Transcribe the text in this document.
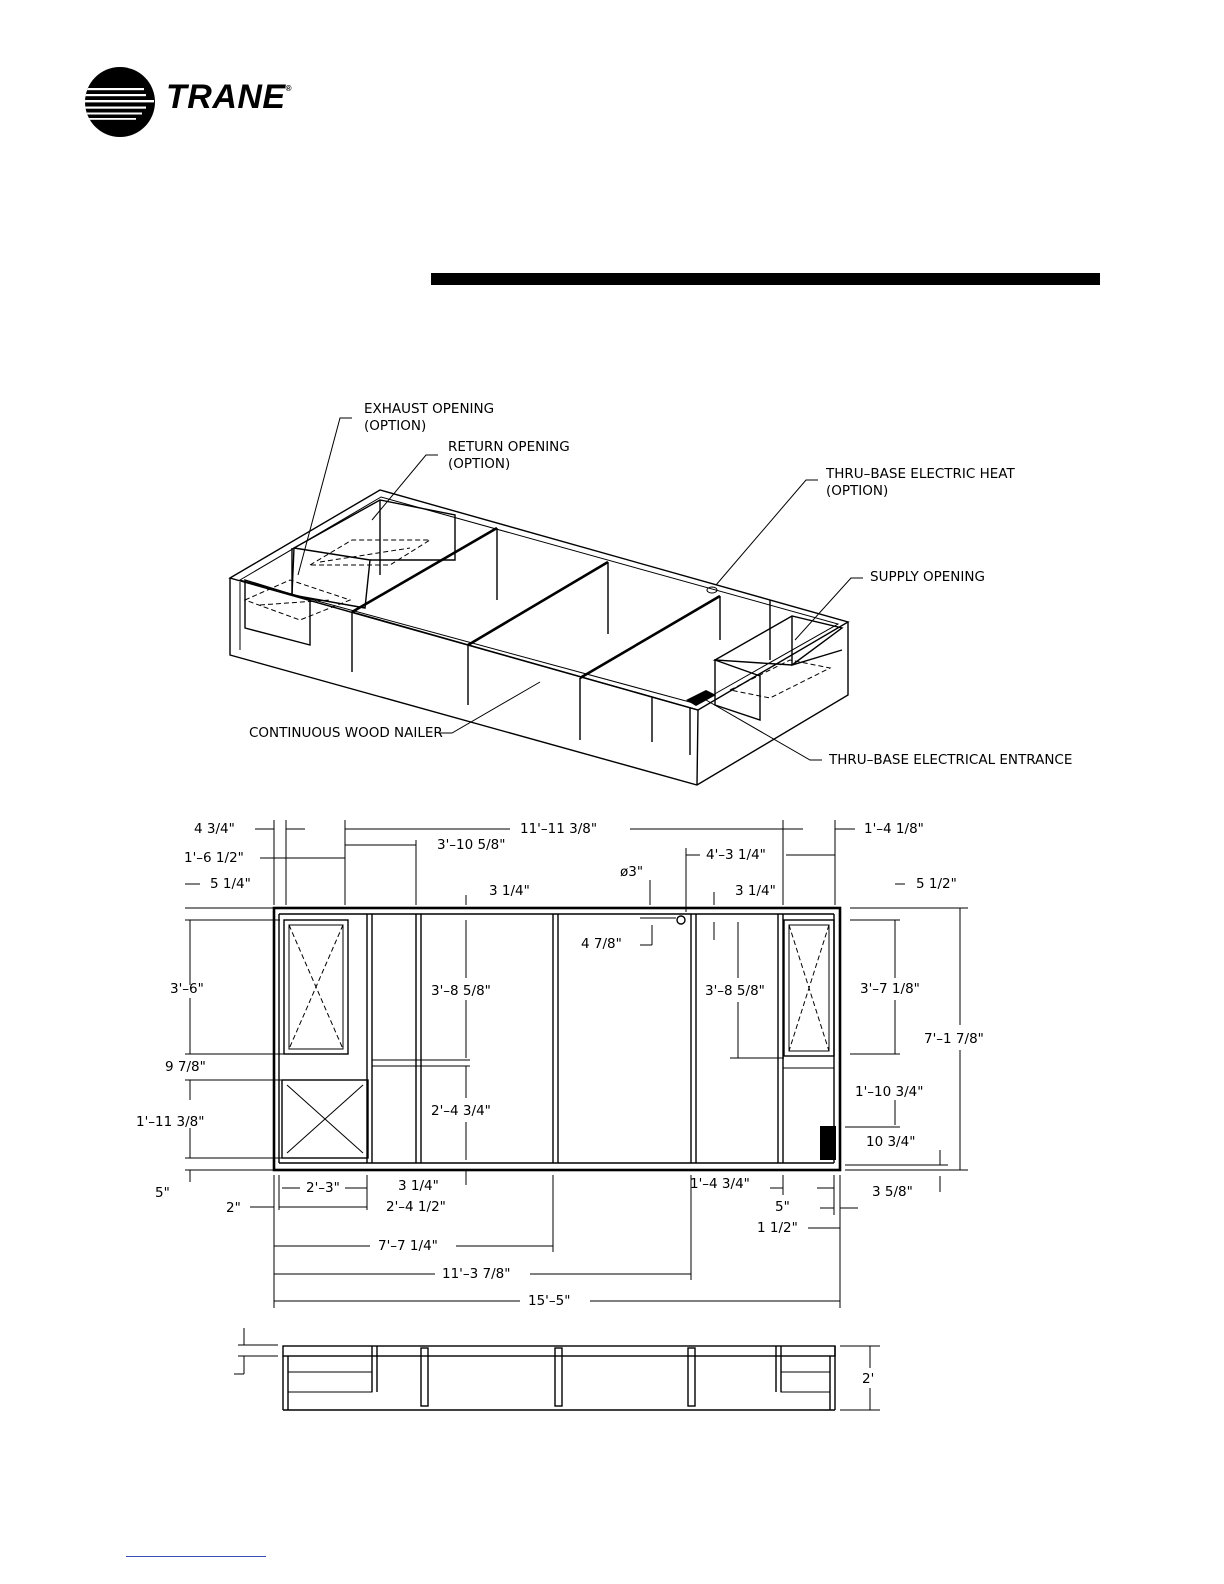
TRANE®
EXHAUST OPENING
(OPTION)
RETURN OPENING
(OPTION)
THRU–BASE ELECTRIC HEAT
(OPTION)
SUPPLY OPENING
CONTINUOUS WOOD NAILER
THRU–BASE ELECTRICAL ENTRANCE
4 3/4"	11'–11 3/8"	1'–4 1/8"
1'–6 1/2"
3'–10 5/8"
4'–3 1/4"
ø3"
5 1/4"	3 1/4"	3 1/4"	5 1/2"
4 7/8"
3'–6"	3'–8 5/8"	3'–8 5/8"	3'–7 1/8"
7'–1 7/8"
9 7/8"
1'–10 3/4"
2'–4 3/4"
1'–11 3/8"
10 3/4"
5"	2'–3"	3 1/4"	1'–4 3/4"	3 5/8"
2"	2'–4 1/2"	5"
1 1/2"
7'–7 1/4"
11'–3 7/8"
15'–5"
2'
